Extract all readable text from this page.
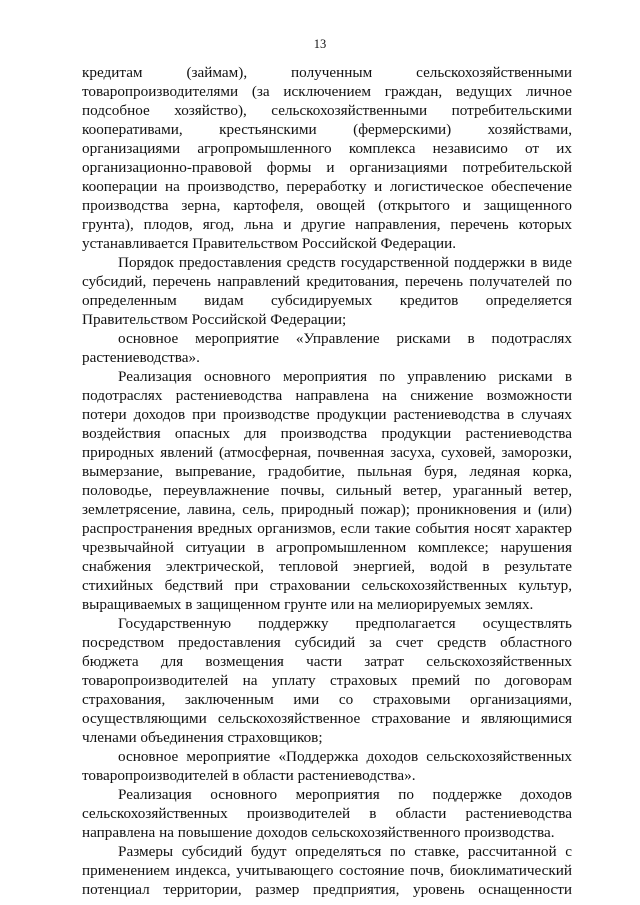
13
кредитам (займам), полученным сельскохозяйственными
товаропроизводителями (за исключением граждан, ведущих личное
подсобное хозяйство), сельскохозяйственными потребительскими
кооперативами, крестьянскими (фермерскими) хозяйствами,
организациями агропромышленного комплекса независимо от их
организационно-правовой формы и организациями потребительской
кооперации на производство, переработку и логистическое обеспечение
производства зерна, картофеля, овощей (открытого и защищенного
грунта), плодов, ягод, льна и другие направления, перечень которых
устанавливается Правительством Российской Федерации.
Порядок предоставления средств государственной поддержки в виде
субсидий, перечень направлений кредитования, перечень получателей по
определенным видам субсидируемых кредитов определяется
Правительством Российской Федерации;
основное мероприятие «Управление рисками в подотраслях
растениеводства».
Реализация основного мероприятия по управлению рисками в
подотраслях растениеводства направлена на снижение возможности
потери доходов при производстве продукции растениеводства в случаях
воздействия опасных для производства продукции растениеводства
природных явлений (атмосферная, почвенная засуха, суховей, заморозки,
вымерзание, выпревание, градобитие, пыльная буря, ледяная корка,
половодье, переувлажнение почвы, сильный ветер, ураганный ветер,
землетрясение, лавина, сель, природный пожар); проникновения и (или)
распространения вредных организмов, если такие события носят характер
чрезвычайной ситуации в агропромышленном комплексе; нарушения
снабжения электрической, тепловой энергией, водой в результате
стихийных бедствий при страховании сельскохозяйственных культур,
выращиваемых в защищенном грунте или на мелиорируемых землях.
Государственную поддержку предполагается осуществлять
посредством предоставления субсидий за счет средств областного
бюджета для возмещения части затрат сельскохозяйственных
товаропроизводителей на уплату страховых премий по договорам
страхования, заключенным ими со страховыми организациями,
осуществляющими сельскохозяйственное страхование и являющимися
членами объединения страховщиков;
основное мероприятие «Поддержка доходов сельскохозяйственных
товаропроизводителей в области растениеводства».
Реализация основного мероприятия по поддержке доходов
сельскохозяйственных производителей в области растениеводства
направлена на повышение доходов сельскохозяйственного производства.
Размеры субсидий будут определяться по ставке, рассчитанной с
применением индекса, учитывающего состояние почв, биоклиматический
потенциал территории, размер предприятия, уровень оснащенности
